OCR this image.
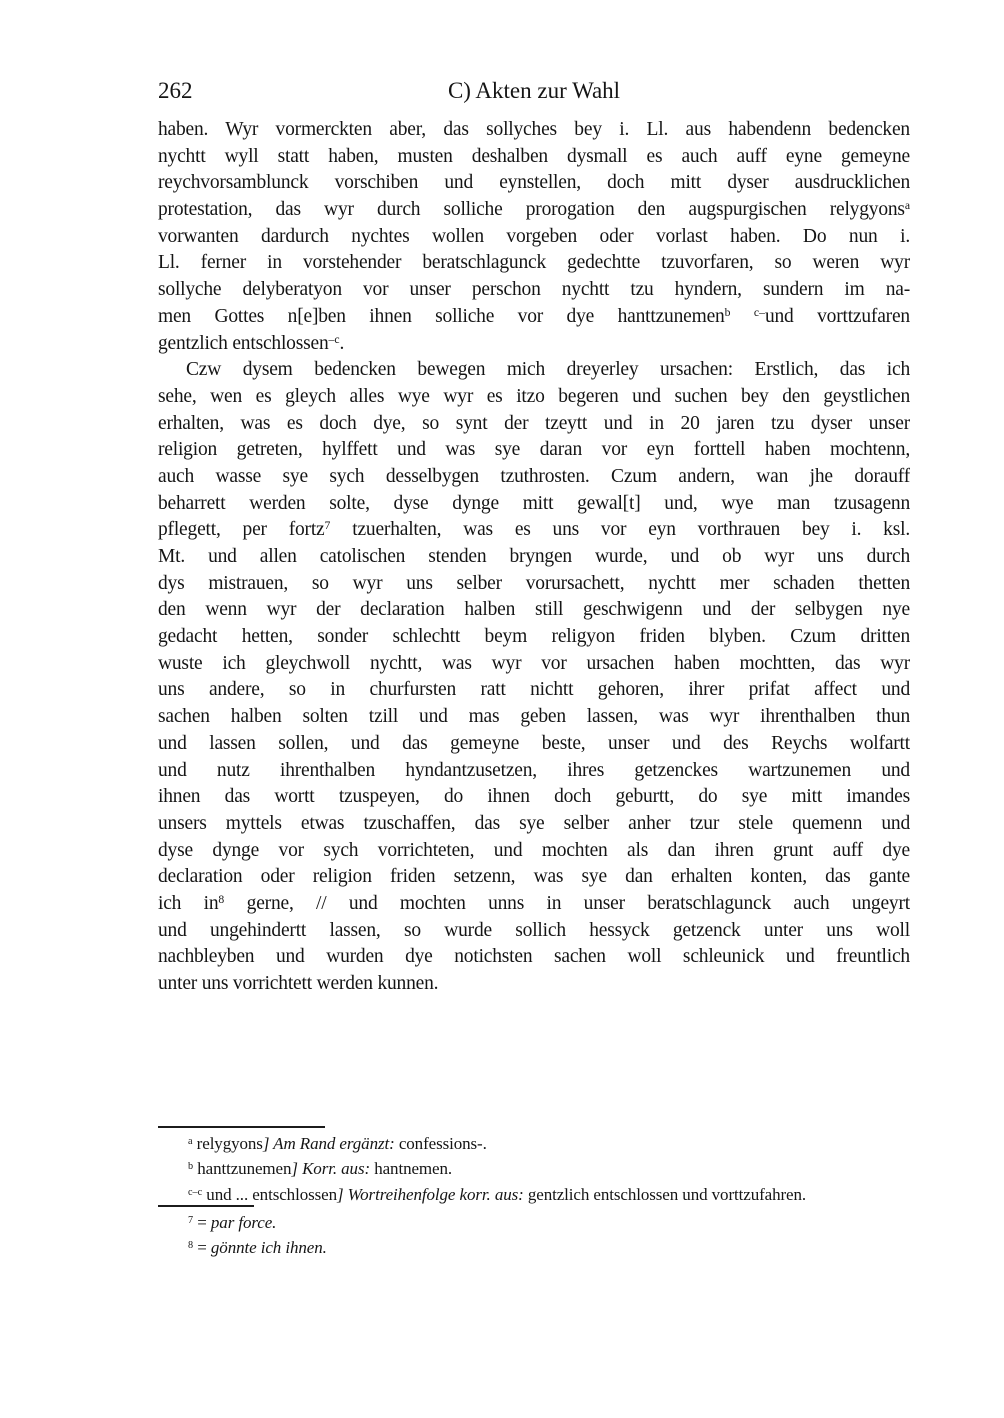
262	C) Akten zur Wahl
haben. Wyr vormerckten aber, das sollyches bey i. Ll. aus habendenn bedencken
nychtt wyll statt haben, musten deshalben dysmall es auch auff eyne gemeyne
reychvorsamblunck vorschiben und eynstellen, doch mitt dyser ausdrucklichen
protestation, das wyr durch solliche prorogation den augspurgischen relygyons$^a$
vorwanten dardurch nychtes wollen vorgeben oder vorlast haben. Do nun i.
Ll. ferner in vorstehender beratschlagunck gedechtte tzuvorfaren, so weren wyr
sollyche delyberatyon vor unser perschon nychtt tzu hyndern, sundern im na-
men Gottes n[e]ben ihnen solliche vor dye hanttzunemen$^b$ $^{c-}$und vorttzufaren
gentzlich entschlossen$^{-c}$.
Czw dysem bedencken bewegen mich dreyerley ursachen: Erstlich, das ich
sehe, wen es gleych alles wye wyr es itzo begeren und suchen bey den geystlichen
erhalten, was es doch dye, so synt der tzeytt und in 20 jaren tzu dyser unser
religion getreten, hylffett und was sye daran vor eyn forttell haben mochtenn,
auch wasse sye sych desselbygen tzuthrosten. Czum andern, wan jhe dorauff
beharrett werden solte, dyse dynge mitt gewal[t] und, wye man tzusagenn
pflegett, per fortz$^7$ tzuerhalten, was es uns vor eyn vorthrauen bey i. ksl.
Mt. und allen catolischen stenden bryngen wurde, und ob wyr uns durch
dys mistrauen, so wyr uns selber vorursachett, nychtt mer schaden thetten
den wenn wyr der declaration halben still geschwigenn und der selbygen nye
gedacht hetten, sonder schlechtt beym religyon friden blyben. Czum dritten
wuste ich gleychwoll nychtt, was wyr vor ursachen haben mochtten, das wyr
uns andere, so in churfursten ratt nichtt gehoren, ihrer prifat affect und
sachen halben solten tzill und mas geben lassen, was wyr ihrenthalben thun
und lassen sollen, und das gemeyne beste, unser und des Reychs wolfartt
und nutz ihrenthalben hyndantzusetzen, ihres getzenckes wartzunemen und
ihnen das wortt tzuspeyen, do ihnen doch geburtt, do sye mitt imandes
unsers myttels etwas tzuschaffen, das sye selber anher tzur stele quemenn und
dyse dynge vor sych vorrichteten, und mochten als dan ihren grunt auff dye
declaration oder religion friden setzenn, was sye dan erhalten konten, das gante
ich $in^8$ gerne, // und mochten unns in unser beratschlagunck auch ungeyrt
und ungehindertt lassen, so wurde sollich hessyck getzenck unter uns woll
nachbleyben und wurden dye notichsten sachen woll schleunick und freuntlich
unter uns vorrichtett werden kunnen.
$^a$ relygyons] Am Rand ergänzt: confessions-.
$^b$ hanttzunemen] Korr. aus: hantnemen.
$^{c-c}$ und ... entschlossen] Wortreihenfolge korr. aus: gentzlich entschlossen und vorttzufahren.
$^7$ = par force.
$^8$ = gönnte ich ihnen.
